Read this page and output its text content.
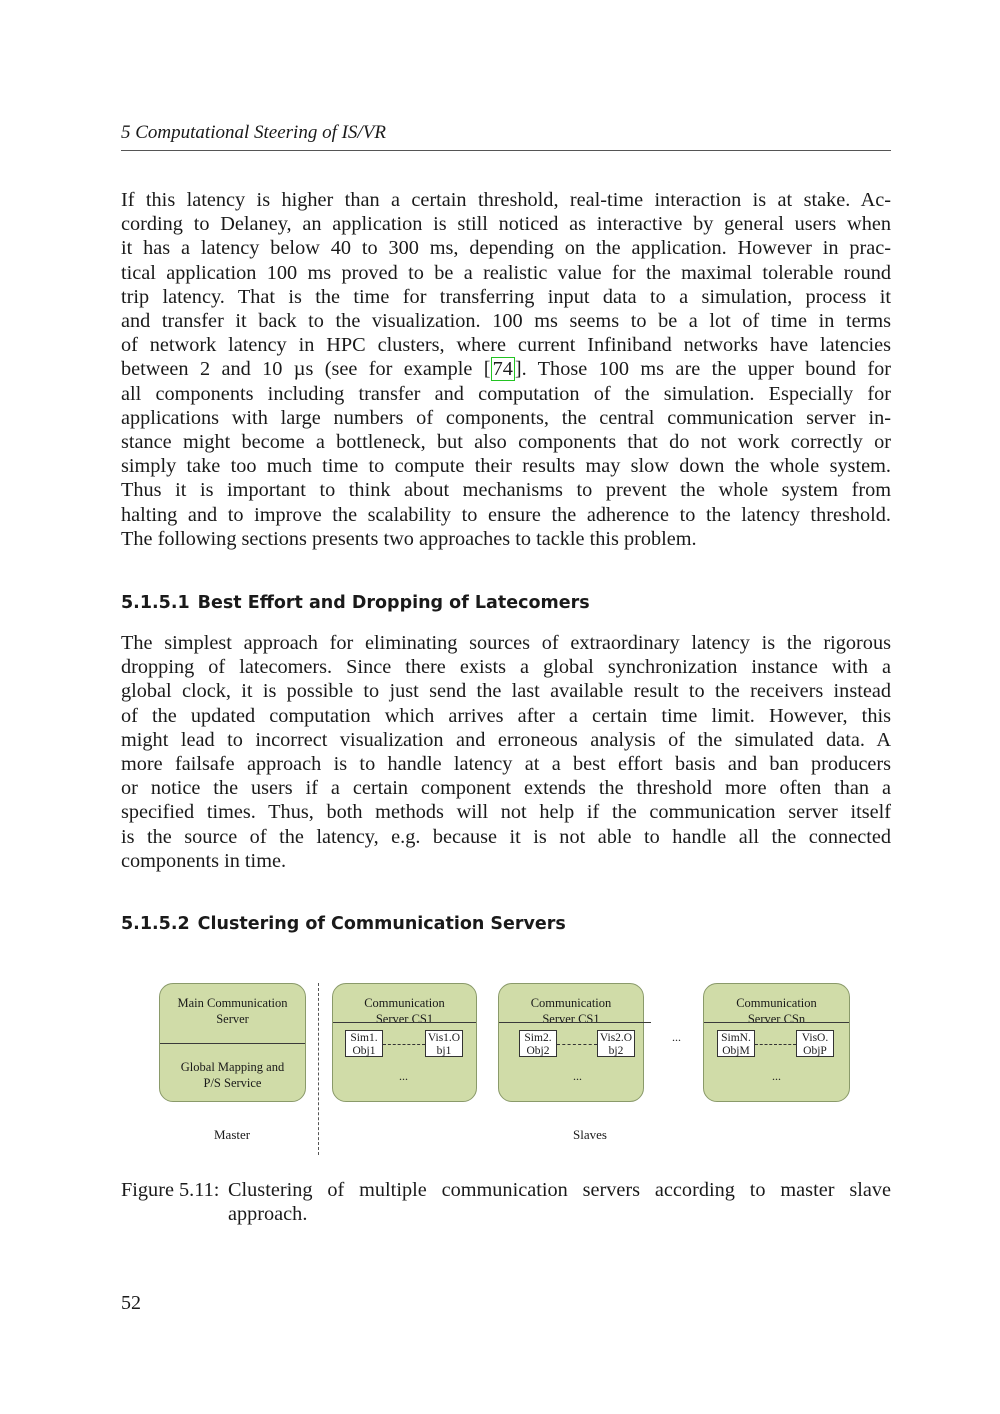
5 Computational Steering of IS/VR
If this latency is higher than a certain threshold, real-time interaction is at stake. Ac-
cording to Delaney, an application is still noticed as interactive by general users when
it has a latency below 40 to 300 ms, depending on the application. However in prac-
tical application 100 ms proved to be a realistic value for the maximal tolerable round
trip latency. That is the time for transferring input data to a simulation, process it
and transfer it back to the visualization. 100 ms seems to be a lot of time in terms
of network latency in HPC clusters, where current Infiniband networks have latencies
between 2 and 10 µs (see for example [74]. Those 100 ms are the upper bound for
all components including transfer and computation of the simulation. Especially for
applications with large numbers of components, the central communication server in-
stance might become a bottleneck, but also components that do not work correctly or
simply take too much time to compute their results may slow down the whole system.
Thus it is important to think about mechanisms to prevent the whole system from
halting and to improve the scalability to ensure the adherence to the latency threshold.
The following sections presents two approaches to tackle this problem.
5.1.5.1 Best Effort and Dropping of Latecomers
The simplest approach for eliminating sources of extraordinary latency is the rigorous
dropping of latecomers. Since there exists a global synchronization instance with a
global clock, it is possible to just send the last available result to the receivers instead
of the updated computation which arrives after a certain time limit. However, this
might lead to incorrect visualization and erroneous analysis of the simulated data. A
more failsafe approach is to handle latency at a best effort basis and ban producers
or notice the users if a certain component extends the threshold more often than a
specified times. Thus, both methods will not help if the communication server itself
is the source of the latency, e.g. because it is not able to handle all the connected
components in time.
5.1.5.2 Clustering of Communication Servers
Main Communication
Server
Global Mapping and
P/S Service
Master
Communication
Server CS1
Sim1.
Obj1
Vis1.O
bj1
...
Communication
Server CS1
Sim2.
Obj2
Vis2.O
bj2
...
...
Communication
Server CSn
SimN.
ObjM
VisO.
ObjP
...
Slaves
Figure 5.11: Clustering of multiple communication servers according to master slave
approach.
52
